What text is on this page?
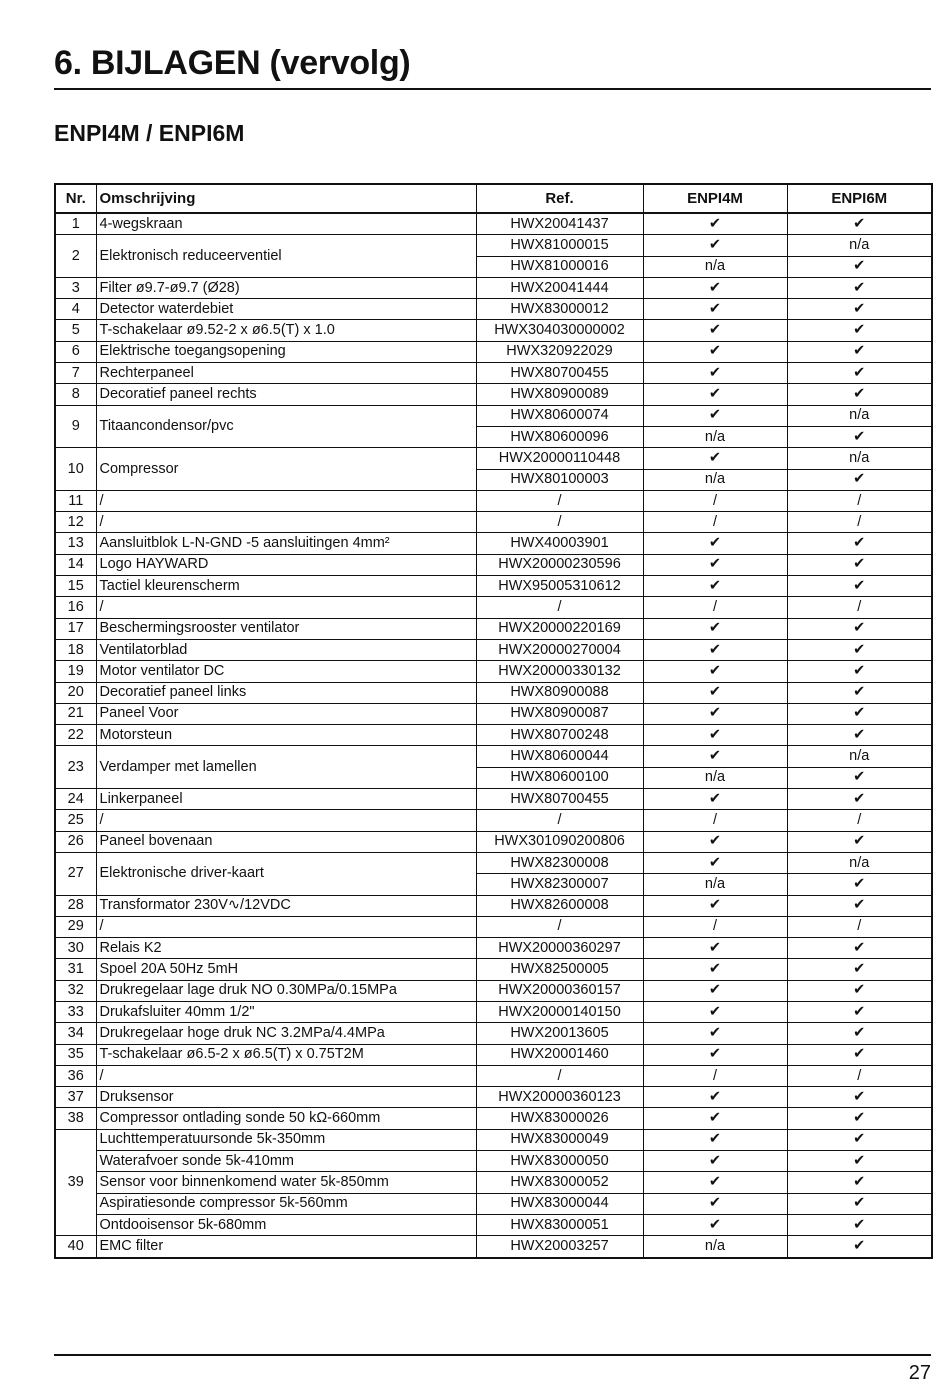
6. BIJLAGEN (vervolg)
ENPI4M / ENPI6M
Nr.	Omschrijving	Ref.	ENPI4M	ENPI6M
1	4-wegskraan	HWX20041437	✔	✔
2	Elektronisch reduceerventiel	HWX81000015	✔	n/a
		HWX81000016	n/a	✔
3	Filter ø9.7-ø9.7 (Ø28)	HWX20041444	✔	✔
4	Detector waterdebiet	HWX83000012	✔	✔
5	T-schakelaar ø9.52-2 x ø6.5(T) x 1.0	HWX304030000002	✔	✔
6	Elektrische toegangsopening	HWX320922029	✔	✔
7	Rechterpaneel	HWX80700455	✔	✔
8	Decoratief paneel rechts	HWX80900089	✔	✔
9	Titaancondensor/pvc	HWX80600074	✔	n/a
		HWX80600096	n/a	✔
10	Compressor	HWX20000110448	✔	n/a
		HWX80100003	n/a	✔
11	/	/	/	/
12	/	/	/	/
13	Aansluitblok L-N-GND -5 aansluitingen 4mm²	HWX40003901	✔	✔
14	Logo HAYWARD	HWX20000230596	✔	✔
15	Tactiel kleurenscherm	HWX95005310612	✔	✔
16	/	/	/	/
17	Beschermingsrooster ventilator	HWX20000220169	✔	✔
18	Ventilatorblad	HWX20000270004	✔	✔
19	Motor ventilator DC	HWX20000330132	✔	✔
20	Decoratief paneel links	HWX80900088	✔	✔
21	Paneel Voor	HWX80900087	✔	✔
22	Motorsteun	HWX80700248	✔	✔
23	Verdamper met lamellen	HWX80600044	✔	n/a
		HWX80600100	n/a	✔
24	Linkerpaneel	HWX80700455	✔	✔
25	/	/	/	/
26	Paneel bovenaan	HWX301090200806	✔	✔
27	Elektronische driver-kaart	HWX82300008	✔	n/a
		HWX82300007	n/a	✔
28	Transformator 230V∿/12VDC	HWX82600008	✔	✔
29	/	/	/	/
30	Relais K2	HWX20000360297	✔	✔
31	Spoel 20A 50Hz 5mH	HWX82500005	✔	✔
32	Drukregelaar lage druk NO 0.30MPa/0.15MPa	HWX20000360157	✔	✔
33	Drukafsluiter 40mm 1/2"	HWX20000140150	✔	✔
34	Drukregelaar hoge druk NC 3.2MPa/4.4MPa	HWX20013605	✔	✔
35	T-schakelaar ø6.5-2 x ø6.5(T) x 0.75T2M	HWX20001460	✔	✔
36	/	/	/	/
37	Druksensor	HWX20000360123	✔	✔
38	Compressor ontlading sonde 50 kΩ-660mm	HWX83000026	✔	✔
39	Luchttemperatuursonde 5k-350mm	HWX83000049	✔	✔
	Waterafvoer sonde 5k-410mm	HWX83000050	✔	✔
	Sensor voor binnenkomend water 5k-850mm	HWX83000052	✔	✔
	Aspiratiesonde compressor 5k-560mm	HWX83000044	✔	✔
	Ontdooisensor 5k-680mm	HWX83000051	✔	✔
40	EMC filter	HWX20003257	n/a	✔
27
